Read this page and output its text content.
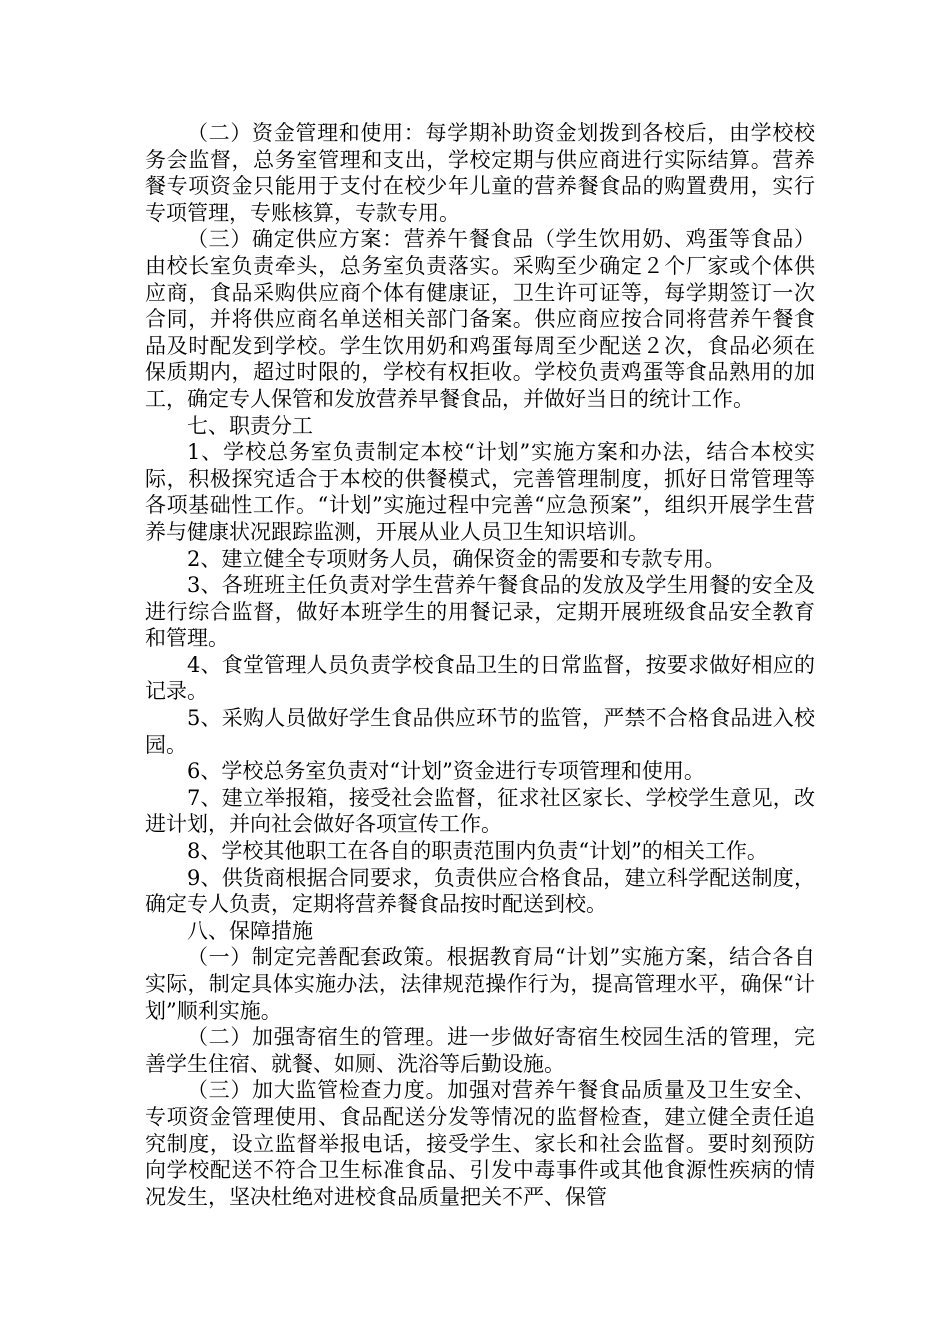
（二）资金管理和使用：每学期补助资金划拨到各校后，由学校校务会监督，总务室管理和支出，学校定期与供应商进行实际结算。营养餐专项资金只能用于支付在校少年儿童的营养餐食品的购置费用，实行专项管理，专账核算，专款专用。

（三）确定供应方案：营养午餐食品（学生饮用奶、鸡蛋等食品）由校长室负责牵头，总务室负责落实。采购至少确定２个厂家或个体供应商，食品采购供应商个体有健康证，卫生许可证等，每学期签订一次合同，并将供应商名单送相关部门备案。供应商应按合同将营养午餐食品及时配发到学校。学生饮用奶和鸡蛋每周至少配送２次，食品必须在保质期内，超过时限的，学校有权拒收。学校负责鸡蛋等食品熟用的加工，确定专人保管和发放营养早餐食品，并做好当日的统计工作。

七、职责分工

1、学校总务室负责制定本校“计划”实施方案和办法，结合本校实际，积极探究适合于本校的供餐模式，完善管理制度，抓好日常管理等各项基础性工作。“计划”实施过程中完善“应急预案”，组织开展学生营养与健康状况跟踪监测，开展从业人员卫生知识培训。

2、建立健全专项财务人员，确保资金的需要和专款专用。

3、各班班主任负责对学生营养午餐食品的发放及学生用餐的安全及进行综合监督，做好本班学生的用餐记录，定期开展班级食品安全教育和管理。

4、食堂管理人员负责学校食品卫生的日常监督，按要求做好相应的记录。

5、采购人员做好学生食品供应环节的监管，严禁不合格食品进入校园。

6、学校总务室负责对“计划”资金进行专项管理和使用。

7、建立举报箱，接受社会监督，征求社区家长、学校学生意见，改进计划，并向社会做好各项宣传工作。

8、学校其他职工在各自的职责范围内负责“计划”的相关工作。

9、供货商根据合同要求，负责供应合格食品，建立科学配送制度，确定专人负责，定期将营养餐食品按时配送到校。

八、保障措施

（一）制定完善配套政策。根据教育局“计划”实施方案，结合各自实际，制定具体实施办法，法律规范操作行为，提高管理水平，确保“计划”顺利实施。

（二）加强寄宿生的管理。进一步做好寄宿生校园生活的管理，完善学生住宿、就餐、如厕、洗浴等后勤设施。

（三）加大监管检查力度。加强对营养午餐食品质量及卫生安全、专项资金管理使用、食品配送分发等情况的监督检查，建立健全责任追究制度，设立监督举报电话，接受学生、家长和社会监督。要时刻预防向学校配送不符合卫生标准食品、引发中毒事件或其他食源性疾病的情况发生，坚决杜绝对进校食品质量把关不严、保管
